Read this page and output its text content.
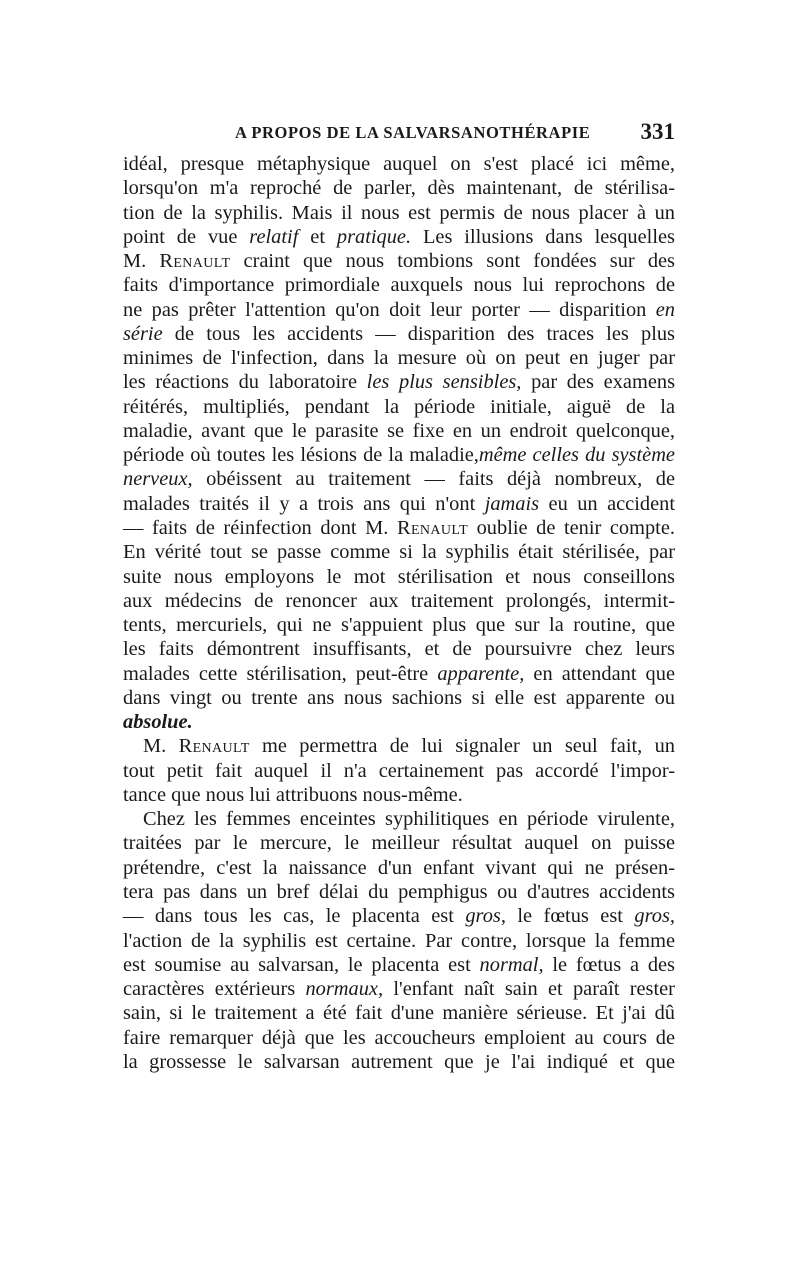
A PROPOS DE LA SALVARSANOTHÉRAPIE 331
idéal, presque métaphysique auquel on s'est placé ici même,
lorsqu'on m'a reproché de parler, dès maintenant, de stérilisa-
tion de la syphilis. Mais il nous est permis de nous placer à un
point de vue relatif et pratique. Les illusions dans lesquelles
M. Renault craint que nous tombions sont fondées sur des
faits d'importance primordiale auxquels nous lui reprochons de
ne pas prêter l'attention qu'on doit leur porter — disparition en
série de tous les accidents — disparition des traces les plus
minimes de l'infection, dans la mesure où on peut en juger par
les réactions du laboratoire les plus sensibles, par des examens
réitérés, multipliés, pendant la période initiale, aiguë de la
maladie, avant que le parasite se fixe en un endroit quelconque,
période où toutes les lésions de la maladie,même celles du système
nerveux, obéissent au traitement — faits déjà nombreux, de
malades traités il y a trois ans qui n'ont jamais eu un accident
— faits de réinfection dont M. Renault oublie de tenir compte.
En vérité tout se passe comme si la syphilis était stérilisée, par
suite nous employons le mot stérilisation et nous conseillons
aux médecins de renoncer aux traitement prolongés, intermit-
tents, mercuriels, qui ne s'appuient plus que sur la routine, que
les faits démontrent insuffisants, et de poursuivre chez leurs
malades cette stérilisation, peut-être apparente, en attendant que
dans vingt ou trente ans nous sachions si elle est apparente ou
absolue.
M. Renault me permettra de lui signaler un seul fait, un
tout petit fait auquel il n'a certainement pas accordé l'impor-
tance que nous lui attribuons nous-même.
Chez les femmes enceintes syphilitiques en période virulente,
traitées par le mercure, le meilleur résultat auquel on puisse
prétendre, c'est la naissance d'un enfant vivant qui ne présen-
tera pas dans un bref délai du pemphigus ou d'autres accidents
— dans tous les cas, le placenta est gros, le fœtus est gros,
l'action de la syphilis est certaine. Par contre, lorsque la femme
est soumise au salvarsan, le placenta est normal, le fœtus a des
caractères extérieurs normaux, l'enfant naît sain et paraît rester
sain, si le traitement a été fait d'une manière sérieuse. Et j'ai dû
faire remarquer déjà que les accoucheurs emploient au cours de
la grossesse le salvarsan autrement que je l'ai indiqué et que
